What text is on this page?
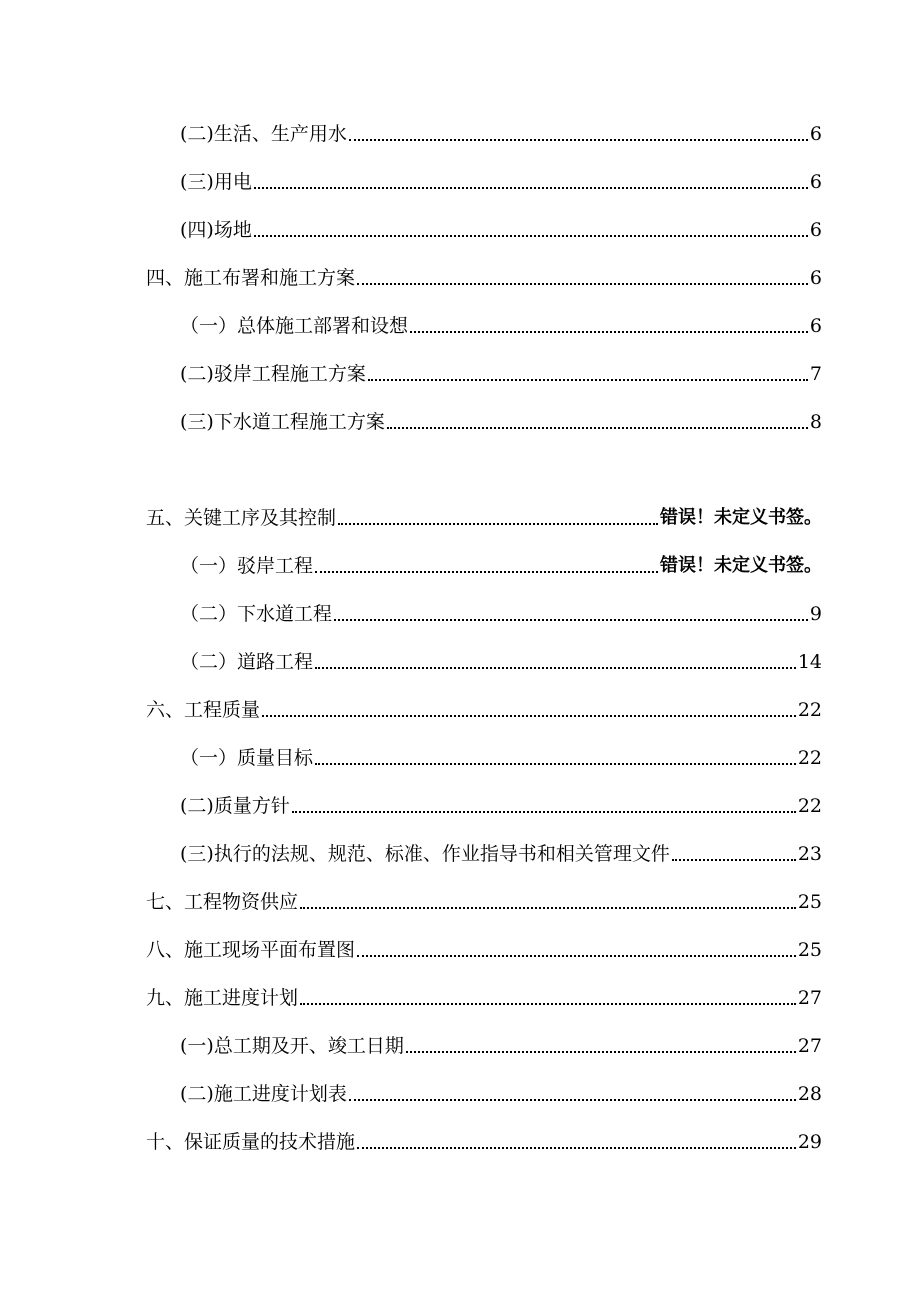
(二)生活、生产用水	6
(三)用电	6
(四)场地	6
四、施工布署和施工方案	6
（一）总体施工部署和设想	6
(二)驳岸工程施工方案	7
(三)下水道工程施工方案	8
五、关键工序及其控制	错误！未定义书签。
（一）驳岸工程	错误！未定义书签。
（二）下水道工程	9
（二）道路工程	14
六、工程质量	22
（一）质量目标	22
(二)质量方针	22
(三)执行的法规、规范、标准、作业指导书和相关管理文件	23
七、工程物资供应	25
八、施工现场平面布置图	25
九、施工进度计划	27
(一)总工期及开、竣工日期	27
(二)施工进度计划表	28
十、保证质量的技术措施	29
